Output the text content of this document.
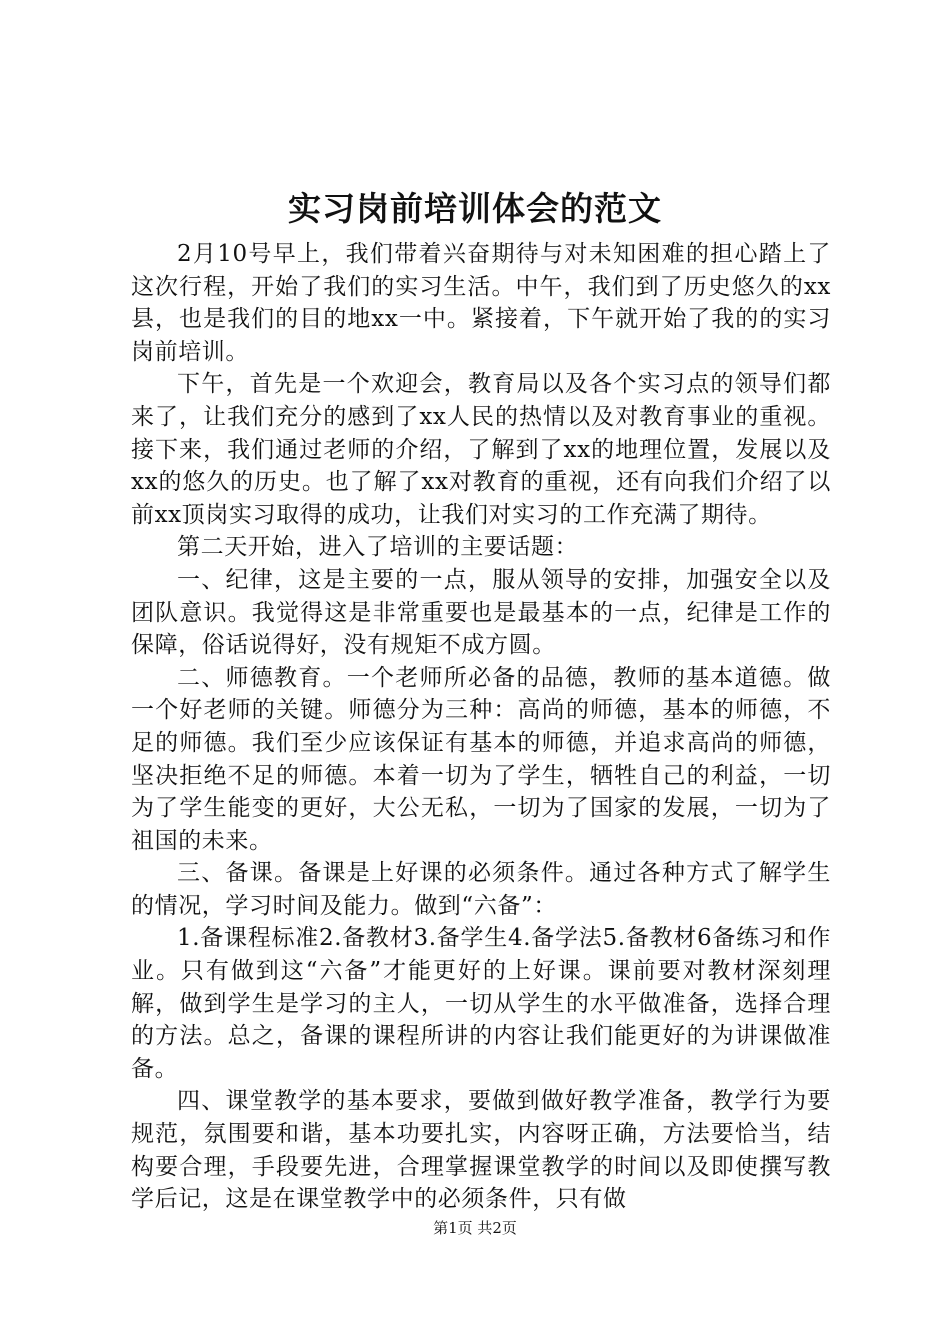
实习岗前培训体会的范文

2月10号早上，我们带着兴奋期待与对未知困难的担心踏上了这次行程，开始了我们的实习生活。中午，我们到了历史悠久的xx县，也是我们的目的地xx一中。紧接着，下午就开始了我的的实习岗前培训。

下午，首先是一个欢迎会，教育局以及各个实习点的领导们都来了，让我们充分的感到了xx人民的热情以及对教育事业的重视。接下来，我们通过老师的介绍，了解到了xx的地理位置，发展以及xx的悠久的历史。也了解了xx对教育的重视，还有向我们介绍了以前xx顶岗实习取得的成功，让我们对实习的工作充满了期待。

第二天开始，进入了培训的主要话题：

一、纪律，这是主要的一点，服从领导的安排，加强安全以及团队意识。我觉得这是非常重要也是最基本的一点，纪律是工作的保障，俗话说得好，没有规矩不成方圆。

二、师德教育。一个老师所必备的品德，教师的基本道德。做一个好老师的关键。师德分为三种：高尚的师德，基本的师德，不足的师德。我们至少应该保证有基本的师德，并追求高尚的师德，坚决拒绝不足的师德。本着一切为了学生，牺牲自己的利益，一切为了学生能变的更好，大公无私，一切为了国家的发展，一切为了祖国的未来。

三、备课。备课是上好课的必须条件。通过各种方式了解学生的情况，学习时间及能力。做到“六备”：

1.备课程标准2.备教材3.备学生4.备学法5.备教材6备练习和作业。只有做到这“六备”才能更好的上好课。课前要对教材深刻理解，做到学生是学习的主人，一切从学生的水平做准备，选择合理的方法。总之，备课的课程所讲的内容让我们能更好的为讲课做准备。

四、课堂教学的基本要求，要做到做好教学准备，教学行为要规范，氛围要和谐，基本功要扎实，内容呀正确，方法要恰当，结构要合理，手段要先进，合理掌握课堂教学的时间以及即使撰写教学后记，这是在课堂教学中的必须条件，只有做

第1页 共2页
